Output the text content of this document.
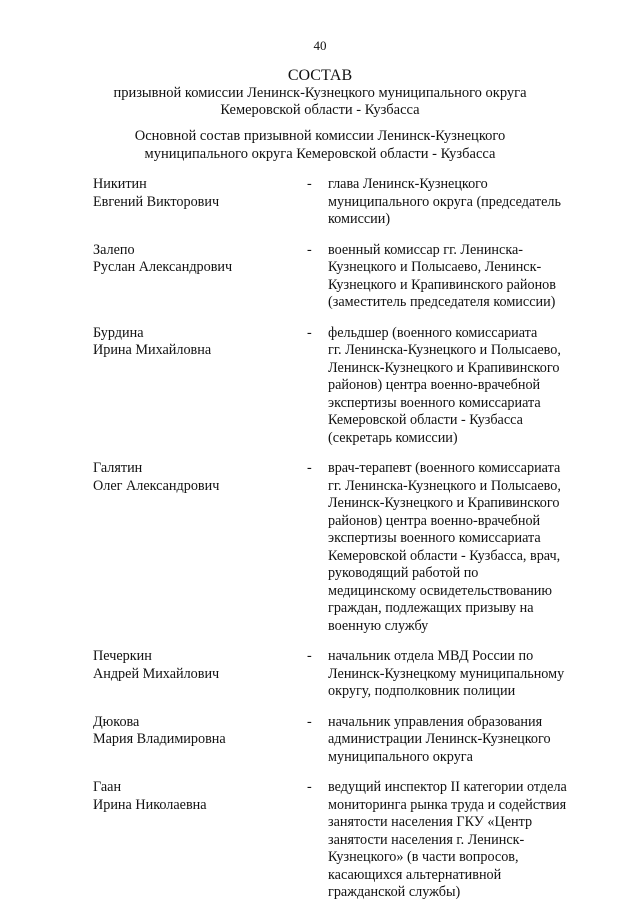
40
СОСТАВ
призывной комиссии Ленинск-Кузнецкого муниципального округа
Кемеровской области - Кузбасса
Основной состав призывной комиссии Ленинск-Кузнецкого
муниципального округа Кемеровской области - Кузбасса
Никитин
Евгений Викторович
- глава Ленинск-Кузнецкого
муниципального округа (председатель
комиссии)
Залепо
Руслан Александрович
- военный комиссар гг. Ленинска-
Кузнецкого и Полысаево, Ленинск-
Кузнецкого и Крапивинского районов
(заместитель председателя комиссии)
Бурдина
Ирина Михайловна
- фельдшер (военного комиссариата
гг. Ленинска-Кузнецкого и Полысаево,
Ленинск-Кузнецкого и Крапивинского
районов) центра военно-врачебной
экспертизы военного комиссариата
Кемеровской области - Кузбасса
(секретарь комиссии)
Галятин
Олег Александрович
- врач-терапевт (военного комиссариата
гг. Ленинска-Кузнецкого и Полысаево,
Ленинск-Кузнецкого и Крапивинского
районов) центра военно-врачебной
экспертизы военного комиссариата
Кемеровской области - Кузбасса, врач,
руководящий работой по
медицинскому освидетельствованию
граждан, подлежащих призыву на
военную службу
Печеркин
Андрей Михайлович
- начальник отдела МВД России по
Ленинск-Кузнецкому муниципальному
округу, подполковник полиции
Дюкова
Мария Владимировна
- начальник управления образования
администрации Ленинск-Кузнецкого
муниципального округа
Гаан
Ирина Николаевна
- ведущий инспектор II категории отдела
мониторинга рынка труда и содействия
занятости населения ГКУ «Центр
занятости населения г. Ленинск-
Кузнецкого» (в части вопросов,
касающихся альтернативной
гражданской службы)
